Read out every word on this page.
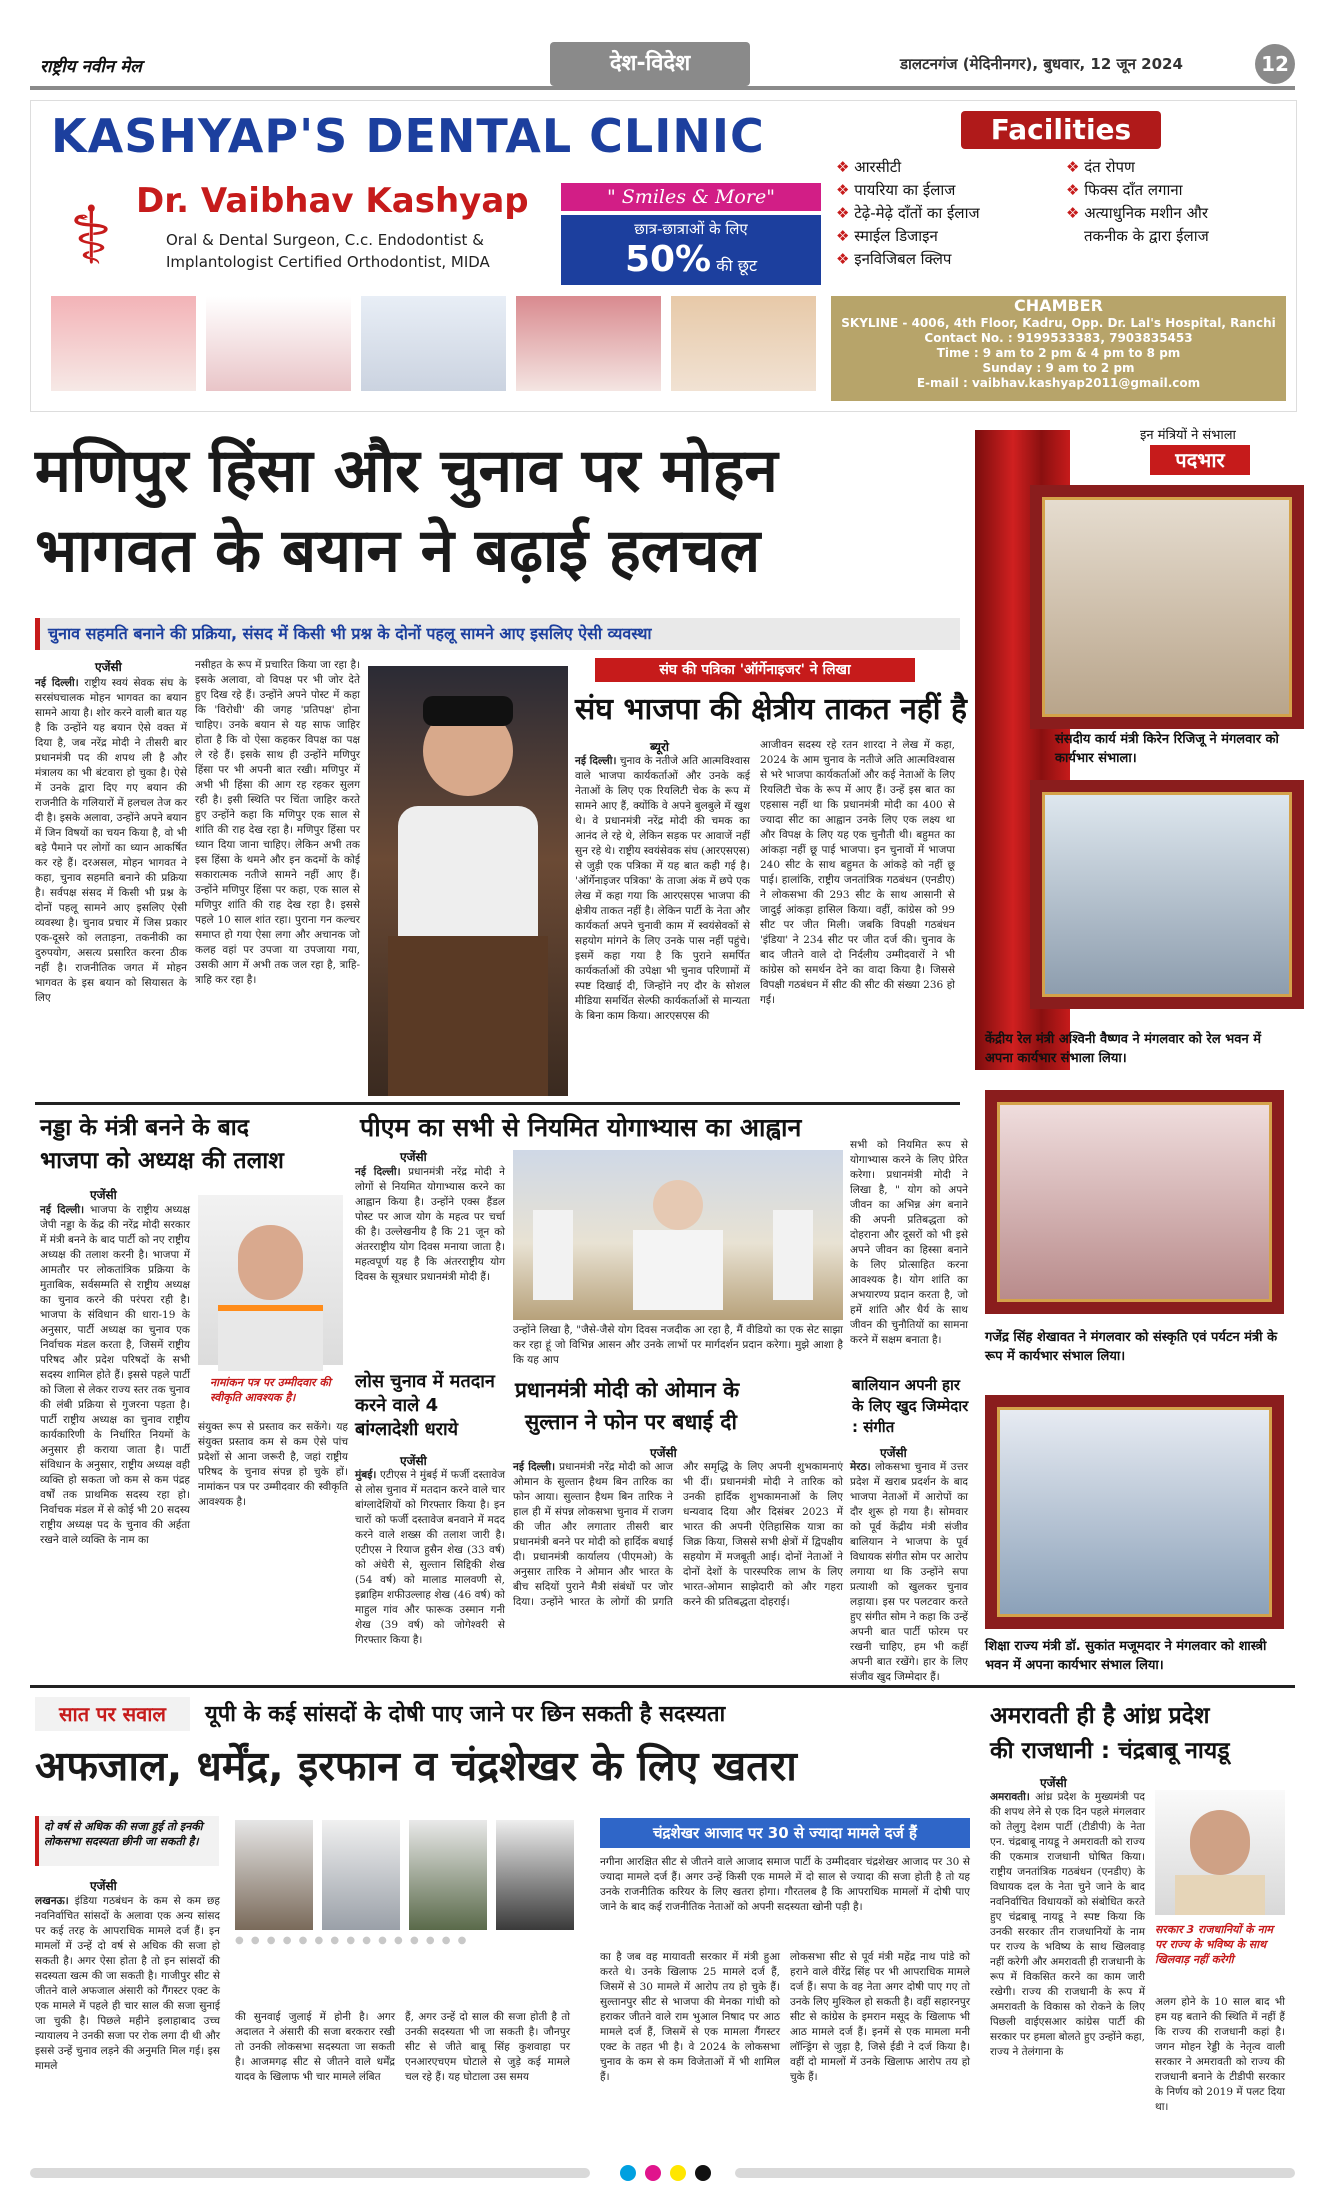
राष्ट्रीय नवीन मेल	देश-विदेश	डालटनगंज (मेदिनीनगर), बुधवार, 12 जून 2024	12
KASHYAP'S DENTAL CLINIC
⚕ Dr. Vaibhav Kashyap
Oral & Dental Surgeon, C.c. Endodontist &
Implantologist Certified Orthodontist, MIDA
" Smiles & More"
छात्र-छात्राओं के लिए
50% की छूट
Facilities
❖ आरसीटी
❖ पायरिया का ईलाज
❖ टेढ़े-मेढ़े दाँतों का ईलाज
❖ स्माईल डिजाइन
❖ इनविजिबल क्लिप
❖ दंत रोपण
❖ फिक्स दाँत लगाना
❖ अत्याधुनिक मशीन और
तकनीक के द्वारा ईलाज
CHAMBER
SKYLINE - 4006, 4th Floor, Kadru, Opp. Dr. Lal's Hospital, Ranchi
Contact No. : 9199533383, 7903835453
Time : 9 am to 2 pm & 4 pm to 8 pm
Sunday : 9 am to 2 pm
E-mail : vaibhav.kashyap2011@gmail.com
मणिपुर हिंसा और चुनाव पर मोहन
भागवत के बयान ने बढ़ाई हलचल
चुनाव सहमति बनाने की प्रक्रिया, संसद में किसी भी प्रश्न के दोनों पहलू सामने आए इसलिए ऐसी व्यवस्था
एजेंसी
नई दिल्ली। राष्ट्रीय स्वयं सेवक संघ के सरसंघचालक मोहन भागवत का बयान सामने आया है। शोर करने वाली बात यह है कि उन्होंने यह बयान ऐसे वक्त में दिया है, जब नरेंद्र मोदी ने तीसरी बार प्रधानमंत्री पद की शपथ ली है और मंत्रालय का भी बंटवारा हो चुका है। ऐसे में उनके द्वारा दिए गए बयान की राजनीति के गलियारों में हलचल तेज कर दी है। इसके अलावा, उन्होंने अपने बयान में जिन विषयों का चयन किया है, वो भी बड़े पैमाने पर लोगों का ध्यान आकर्षित कर रहे हैं। दरअसल, मोहन भागवत ने कहा, चुनाव सहमति बनाने की प्रक्रिया है। सर्वपक्ष संसद में किसी भी प्रश्न के दोनों पहलू सामने आए इसलिए ऐसी व्यवस्था है। चुनाव प्रचार में जिस प्रकार एक-दूसरे को लताड़ना, तकनीकी का दुरुपयोग, असत्य प्रसारित करना ठीक नहीं है। राजनीतिक जगत में मोहन भागवत के इस बयान को सियासत के लिए
नसीहत के रूप में प्रचारित किया जा रहा है। इसके अलावा, वो विपक्ष पर भी जोर देते हुए दिख रहे हैं। उन्होंने अपने पोस्ट में कहा कि 'विरोधी' की जगह 'प्रतिपक्ष' होना चाहिए। उनके बयान से यह साफ जाहिर होता है कि वो ऐसा कहकर विपक्ष का पक्ष ले रहे हैं। इसके साथ ही उन्होंने मणिपुर हिंसा पर भी अपनी बात रखी। मणिपुर में अभी भी हिंसा की आग रह रहकर सुलग रही है। इसी स्थिति पर चिंता जाहिर करते हुए उन्होंने कहा कि मणिपुर एक साल से शांति की राह देख रहा है। मणिपुर हिंसा पर ध्यान दिया जाना चाहिए। लेकिन अभी तक इस हिंसा के थमने और इन कदमों के कोई सकारात्मक नतीजे सामने नहीं आए हैं। उन्होंने मणिपुर हिंसा पर कहा, एक साल से मणिपुर शांति की राह देख रहा है। इससे पहले 10 साल शांत रहा। पुराना गन कल्चर समाप्त हो गया ऐसा लगा और अचानक जो कलह वहां पर उपजा या उपजाया गया, उसकी आग में अभी तक जल रहा है, त्राहि-त्राहि कर रहा है।
संघ की पत्रिका 'ऑर्गेनाइजर' ने लिखा
संघ भाजपा की क्षेत्रीय ताकत नहीं है
ब्यूरो
नई दिल्ली। चुनाव के नतीजे अति आत्मविश्वास वाले भाजपा कार्यकर्ताओं और उनके कई नेताओं के लिए एक रियलिटी चेक के रूप में सामने आए हैं, क्योंकि वे अपने बुलबुले में खुश थे। वे प्रधानमंत्री नरेंद्र मोदी की चमक का आनंद ले रहे थे, लेकिन सड़क पर आवाजें नहीं सुन रहे थे। राष्ट्रीय स्वयंसेवक संघ (आरएसएस) से जुड़ी एक पत्रिका में यह बात कही गई है। 'ऑर्गेनाइजर पत्रिका' के ताजा अंक में छपे एक लेख में कहा गया कि आरएसएस भाजपा की क्षेत्रीय ताकत नहीं है। लेकिन पार्टी के नेता और कार्यकर्ता अपने चुनावी काम में स्वयंसेवकों से सहयोग मांगने के लिए उनके पास नहीं पहुंचे। इसमें कहा गया है कि पुराने समर्पित कार्यकर्ताओं की उपेक्षा भी चुनाव परिणामों में स्पष्ट दिखाई दी, जिन्होंने नए दौर के सोशल मीडिया समर्थित सेल्फी कार्यकर्ताओं से मान्यता के बिना काम किया। आरएसएस की
आजीवन सदस्य रहे रतन शारदा ने लेख में कहा, 2024 के आम चुनाव के नतीजे अति आत्मविश्वास से भरे भाजपा कार्यकर्ताओं और कई नेताओं के लिए रियलिटी चेक के रूप में आए हैं। उन्हें इस बात का एहसास नहीं था कि प्रधानमंत्री मोदी का 400 से ज्यादा सीट का आह्वान उनके लिए एक लक्ष्य था और विपक्ष के लिए यह एक चुनौती थी। बहुमत का आंकड़ा नहीं छू पाई भाजपा। इन चुनावों में भाजपा 240 सीट के साथ बहुमत के आंकड़े को नहीं छू पाई। हालांकि, राष्ट्रीय जनतांत्रिक गठबंधन (एनडीए) ने लोकसभा की 293 सीट के साथ आसानी से जादुई आंकड़ा हासिल किया। वहीं, कांग्रेस को 99 सीट पर जीत मिली। जबकि विपक्षी गठबंधन 'इंडिया' ने 234 सीट पर जीत दर्ज की। चुनाव के बाद जीतने वाले दो निर्दलीय उम्मीदवारों ने भी कांग्रेस को समर्थन देने का वादा किया है। जिससे विपक्षी गठबंधन में सीट की सीट की संख्या 236 हो गई।
इन मंत्रियों ने संभाला
पदभार
संसदीय कार्य मंत्री किरेन रिजिजू ने मंगलवार को कार्यभार संभाला।
केंद्रीय रेल मंत्री अश्विनी वैष्णव ने मंगलवार को रेल भवन में अपना कार्यभार संभाला लिया।
गजेंद्र सिंह शेखावत ने मंगलवार को संस्कृति एवं पर्यटन मंत्री के रूप में कार्यभार संभाल लिया।
शिक्षा राज्य मंत्री डॉ. सुकांत मजूमदार ने मंगलवार को शास्त्री भवन में अपना कार्यभार संभाल लिया।
नड्डा के मंत्री बनने के बाद
भाजपा को अध्यक्ष की तलाश
एजेंसी
नई दिल्ली। भाजपा के राष्ट्रीय अध्यक्ष जेपी नड्डा के केंद्र की नरेंद्र मोदी सरकार में मंत्री बनने के बाद पार्टी को नए राष्ट्रीय अध्यक्ष की तलाश करनी है। भाजपा में आमतौर पर लोकतांत्रिक प्रक्रिया के मुताबिक, सर्वसम्मति से राष्ट्रीय अध्यक्ष का चुनाव करने की परंपरा रही है। भाजपा के संविधान की धारा-19 के अनुसार, पार्टी अध्यक्ष का चुनाव एक निर्वाचक मंडल करता है, जिसमें राष्ट्रीय परिषद और प्रदेश परिषदों के सभी सदस्य शामिल होते हैं। इससे पहले पार्टी को जिला से लेकर राज्य स्तर तक चुनाव की लंबी प्रक्रिया से गुजरना पड़ता है। पार्टी राष्ट्रीय अध्यक्ष का चुनाव राष्ट्रीय कार्यकारिणी के निर्धारित नियमों के अनुसार ही कराया जाता है। पार्टी संविधान के अनुसार, राष्ट्रीय अध्यक्ष वही व्यक्ति हो सकता जो कम से कम पंद्रह वर्षों तक प्राथमिक सदस्य रहा हो। निर्वाचक मंडल में से कोई भी 20 सदस्य राष्ट्रीय अध्यक्ष पद के चुनाव की अर्हता रखने वाले व्यक्ति के नाम का
नामांकन पत्र पर उम्मीदवार की स्वीकृति आवश्यक है।
संयुक्त रूप से प्रस्ताव कर सकेंगे। यह संयुक्त प्रस्ताव कम से कम ऐसे पांच प्रदेशों से आना जरूरी है, जहां राष्ट्रीय परिषद के चुनाव संपन्न हो चुके हों। नामांकन पत्र पर उम्मीदवार की स्वीकृति आवश्यक है।
पीएम का सभी से नियमित योगाभ्यास का आह्वान
एजेंसी
नई दिल्ली। प्रधानमंत्री नरेंद्र मोदी ने लोगों से नियमित योगाभ्यास करने का आह्वान किया है। उन्होंने एक्स हैंडल पोस्ट पर आज योग के महत्व पर चर्चा की है। उल्लेखनीय है कि 21 जून को अंतरराष्ट्रीय योग दिवस मनाया जाता है। महत्वपूर्ण यह है कि अंतरराष्ट्रीय योग दिवस के सूत्रधार प्रधानमंत्री मोदी हैं।
उन्होंने लिखा है, "जैसे-जैसे योग दिवस नजदीक आ रहा है, मैं वीडियो का एक सेट साझा कर रहा हूं जो विभिन्न आसन और उनके लाभों पर मार्गदर्शन प्रदान करेगा। मुझे आशा है कि यह आप
सभी को नियमित रूप से योगाभ्यास करने के लिए प्रेरित करेगा। प्रधानमंत्री मोदी ने लिखा है, " योग को अपने जीवन का अभिन्न अंग बनाने की अपनी प्रतिबद्धता को दोहराना और दूसरों को भी इसे अपने जीवन का हिस्सा बनाने के लिए प्रोत्साहित करना आवश्यक है। योग शांति का अभयारण्य प्रदान करता है, जो हमें शांति और धैर्य के साथ जीवन की चुनौतियों का सामना करने में सक्षम बनाता है।
लोस चुनाव में मतदान करने वाले 4 बांग्लादेशी धराये
एजेंसी
मुंबई। एटीएस ने मुंबई में फर्जी दस्तावेज से लोस चुनाव में मतदान करने वाले चार बांग्लादेशियों को गिरफ्तार किया है। इन चारों को फर्जी दस्तावेज बनवाने में मदद करने वाले शख्स की तलाश जारी है। एटीएस ने रियाज हुसैन शेख (33 वर्ष) को अंधेरी से, सुल्तान सिद्दिकी शेख (54 वर्ष) को मालाड मालवणी से, इब्राहिम शफीउल्लाह शेख (46 वर्ष) को माहुल गांव और फारूक उस्मान गनी शेख (39 वर्ष) को जोगेश्वरी से गिरफ्तार किया है।
प्रधानमंत्री मोदी को ओमान के
सुल्तान ने फोन पर बधाई दी
एजेंसी
नई दिल्ली। प्रधानमंत्री नरेंद्र मोदी को आज ओमान के सुल्तान हैथम बिन तारिक का फोन आया। सुल्तान हैथम बिन तारिक ने हाल ही में संपन्न लोकसभा चुनाव में राजग की जीत और लगातार तीसरी बार प्रधानमंत्री बनने पर मोदी को हार्दिक बधाई दी। प्रधानमंत्री कार्यालय (पीएमओ) के अनुसार तारिक ने ओमान और भारत के बीच सदियों पुराने मैत्री संबंधों पर जोर दिया। उन्होंने भारत के लोगों की प्रगति और समृद्धि के लिए अपनी शुभकामनाएं भी दीं। प्रधानमंत्री मोदी ने तारिक को उनकी हार्दिक शुभकामनाओं के लिए धन्यवाद दिया और दिसंबर 2023 में भारत की अपनी ऐतिहासिक यात्रा का जिक्र किया, जिससे सभी क्षेत्रों में द्विपक्षीय सहयोग में मजबूती आई। दोनों नेताओं ने दोनों देशों के पारस्परिक लाभ के लिए भारत-ओमान साझेदारी को और गहरा करने की प्रतिबद्धता दोहराई।
बालियान अपनी हार के लिए खुद जिम्मेदार : संगीत
एजेंसी
मेरठ। लोकसभा चुनाव में उत्तर प्रदेश में खराब प्रदर्शन के बाद भाजपा नेताओं में आरोपों का दौर शुरू हो गया है। सोमवार को पूर्व केंद्रीय मंत्री संजीव बालियान ने भाजपा के पूर्व विधायक संगीत सोम पर आरोप लगाया था कि उन्होंने सपा प्रत्याशी को खुलकर चुनाव लड़ाया। इस पर पलटवार करते हुए संगीत सोम ने कहा कि उन्हें अपनी बात पार्टी फोरम पर रखनी चाहिए, हम भी कहीं अपनी बात रखेंगे। हार के लिए संजीव खुद जिम्मेदार हैं।
सात पर सवाल	यूपी के कई सांसदों के दोषी पाए जाने पर छिन सकती है सदस्यता
अफजाल, धर्मेंद्र, इरफान व चंद्रशेखर के लिए खतरा
दो वर्ष से अधिक की सजा हुई तो इनकी लोकसभा सदस्यता छीनी जा सकती है।
एजेंसी
लखनऊ। इंडिया गठबंधन के कम से कम छह नवनिर्वाचित सांसदों के अलावा एक अन्य सांसद पर कई तरह के आपराधिक मामले दर्ज हैं। इन मामलों में उन्हें दो वर्ष से अधिक की सजा हो सकती है। अगर ऐसा होता है तो इन सांसदों की सदस्यता खत्म की जा सकती है। गाजीपुर सीट से जीतने वाले अफजाल अंसारी को गैंगस्टर एक्ट के एक मामले में पहले ही चार साल की सजा सुनाई जा चुकी है। पिछले महीने इलाहाबाद उच्च न्यायालय ने उनकी सजा पर रोक लगा दी थी और इससे उन्हें चुनाव लड़ने की अनुमति मिल गई। इस मामले
● ● ● ● ● ● ● ● ● ● ● ● ● ● ●
की सुनवाई जुलाई में होनी है। अगर अदालत ने अंसारी की सजा बरकरार रखी तो उनकी लोकसभा सदस्यता जा सकती है। आजमगढ़ सीट से जीतने वाले धर्मेंद्र यादव के खिलाफ भी चार मामले लंबित
हैं, अगर उन्हें दो साल की सजा होती है तो उनकी सदस्यता भी जा सकती है। जौनपुर सीट से जीते बाबू सिंह कुशवाहा पर एनआरएचएम घोटाले से जुड़े कई मामले चल रहे हैं। यह घोटाला उस समय
चंद्रशेखर आजाद पर 30 से ज्यादा मामले दर्ज हैं
नगीना आरक्षित सीट से जीतने वाले आजाद समाज पार्टी के उम्मीदवार चंद्रशेखर आजाद पर 30 से ज्यादा मामले दर्ज हैं। अगर उन्हें किसी एक मामले में दो साल से ज्यादा की सजा होती है तो यह उनके राजनीतिक करियर के लिए खतरा होगा। गौरतलब है कि आपराधिक मामलों में दोषी पाए जाने के बाद कई राजनीतिक नेताओं को अपनी सदस्यता खोनी पड़ी है।
का है जब वह मायावती सरकार में मंत्री हुआ करते थे। उनके खिलाफ 25 मामले दर्ज हैं, जिसमें से 30 मामले में आरोप तय हो चुके हैं। सुल्तानपुर सीट से भाजपा की मेनका गांधी को हराकर जीतने वाले राम भुआल निषाद पर आठ मामले दर्ज हैं, जिसमें से एक मामला गैंगस्टर एक्ट के तहत भी है। वे 2024 के लोकसभा चुनाव के कम से कम विजेताओं में भी शामिल हैं।
लोकसभा सीट से पूर्व मंत्री महेंद्र नाथ पांडे को हराने वाले वीरेंद्र सिंह पर भी आपराधिक मामले दर्ज हैं। सपा के वह नेता अगर दोषी पाए गए तो उनके लिए मुश्किल हो सकती है। वहीं सहारनपुर सीट से कांग्रेस के इमरान मसूद के खिलाफ भी आठ मामले दर्ज हैं। इनमें से एक मामला मनी लॉन्ड्रिंग से जुड़ा है, जिसे ईडी ने दर्ज किया है। वहीं दो मामलों में उनके खिलाफ आरोप तय हो चुके हैं।
अमरावती ही है आंध्र प्रदेश
की राजधानी : चंद्रबाबू नायडू
एजेंसी
अमरावती। आंध्र प्रदेश के मुख्यमंत्री पद की शपथ लेने से एक दिन पहले मंगलवार को तेलुगु देशम पार्टी (टीडीपी) के नेता एन. चंद्रबाबू नायडू ने अमरावती को राज्य की एकमात्र राजधानी घोषित किया। राष्ट्रीय जनतांत्रिक गठबंधन (एनडीए) के विधायक दल के नेता चुने जाने के बाद नवनिर्वाचित विधायकों को संबोधित करते हुए चंद्रबाबू नायडू ने स्पष्ट किया कि उनकी सरकार तीन राजधानियों के नाम पर राज्य के भविष्य के साथ खिलवाड़ नहीं करेगी और अमरावती ही राजधानी के रूप में विकसित करने का काम जारी रखेगी। राज्य की राजधानी के रूप में अमरावती के विकास को रोकने के लिए पिछली वाईएसआर कांग्रेस पार्टी की सरकार पर हमला बोलते हुए उन्होंने कहा, राज्य ने तेलंगाना के
सरकार 3 राजधानियों के नाम पर राज्य के भविष्य के साथ खिलवाड़ नहीं करेगी
अलग होने के 10 साल बाद भी हम यह बताने की स्थिति में नहीं हैं कि राज्य की राजधानी कहां है। जगन मोहन रेड्डी के नेतृत्व वाली सरकार ने अमरावती को राज्य की राजधानी बनाने के टीडीपी सरकार के निर्णय को 2019 में पलट दिया था।
